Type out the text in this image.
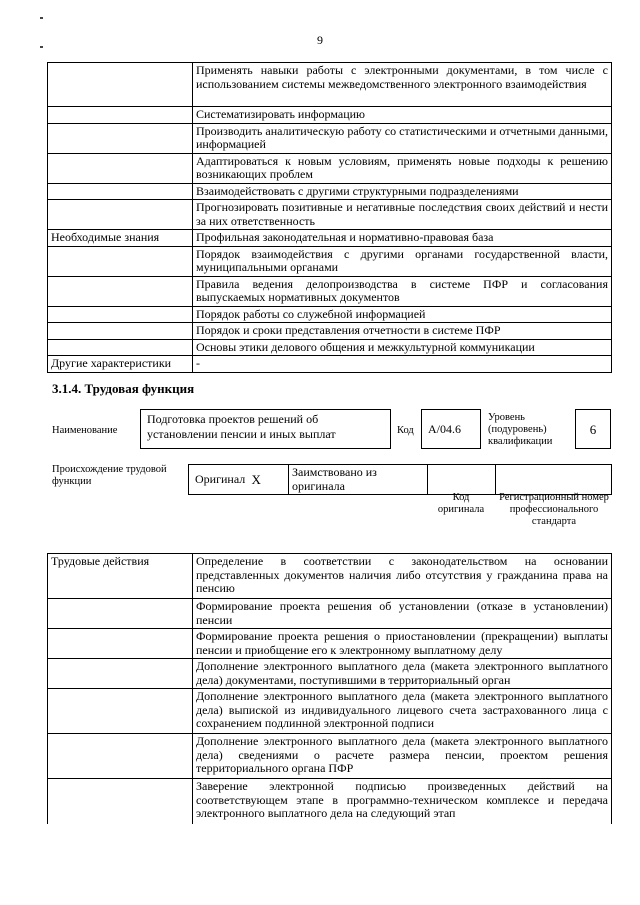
9
	Применять навыки работы с электронными документами, в том числе с использованием системы межведомственного электронного взаимодействия
	Систематизировать информацию
	Производить аналитическую работу со статистическими и отчетными данными, информацией
	Адаптироваться к новым условиям, применять новые подходы к решению возникающих проблем
	Взаимодействовать с другими структурными подразделениями
	Прогнозировать позитивные и негативные последствия своих действий и нести за них ответственность
Необходимые знания	Профильная законодательная и нормативно-правовая база
	Порядок взаимодействия с другими органами государственной власти, муниципальными органами
	Правила ведения делопроизводства в системе ПФР и согласования выпускаемых нормативных документов
	Порядок работы со служебной информацией
	Порядок и сроки представления отчетности в системе ПФР
	Основы этики делового общения и межкультурной коммуникации
Другие характеристики	-
3.1.4. Трудовая функция
Наименование
Подготовка проектов решений об установлении пенсии и иных выплат	Код	A/04.6
Уровень (подуровень) квалификации
6
Происхождение трудовой функции	Оригинал	X	Заимствовано из оригинала		
Код оригинала
Регистрационный номер профессионального стандарта
Трудовые действия	Определение в соответствии с законодательством на основании представленных документов наличия либо отсутствия у гражданина права на пенсию
	Формирование проекта решения об установлении (отказе в установлении) пенсии
	Формирование проекта решения о приостановлении (прекращении) выплаты пенсии и приобщение его к электронному выплатному делу
	Дополнение электронного выплатного дела (макета электронного выплатного дела) документами, поступившими в территориальный орган
	Дополнение электронного выплатного дела (макета электронного выплатного дела) выпиской из индивидуального лицевого счета застрахованного лица с сохранением подлинной электронной подписи
	Дополнение электронного выплатного дела (макета электронного выплатного дела) сведениями о расчете размера пенсии, проектом решения территориального органа ПФР
	Заверение электронной подписью произведенных действий на соответствующем этапе в программно-техническом комплексе и передача электронного выплатного дела на следующий этап
